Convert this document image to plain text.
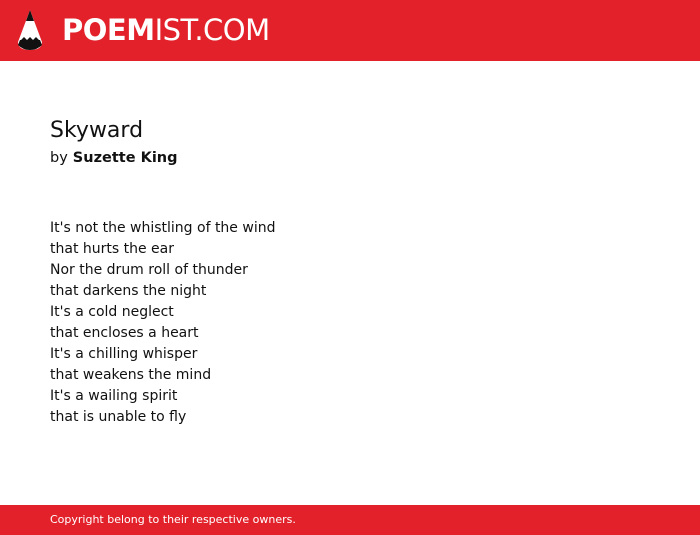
POEMIST.COM
Skyward
by Suzette King
It's not the whistling of the wind
that hurts the ear
Nor the drum roll of thunder
that darkens the night
It's a cold neglect
that encloses a heart
It's a chilling whisper
that weakens the mind
It's a wailing spirit
that is unable to fly
Copyright belong to their respective owners.
